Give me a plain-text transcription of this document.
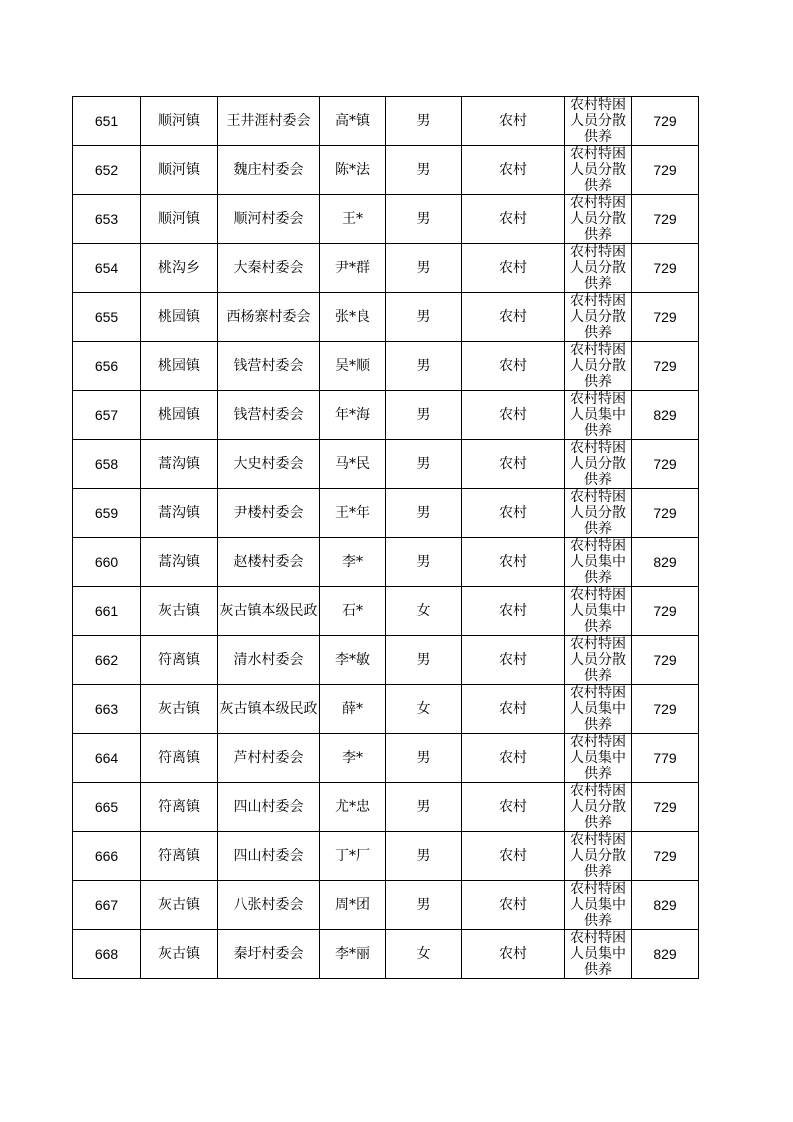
651	顺河镇	王井涯村委会	高*镇	男	农村	农村特困人员分散供养	729
652	顺河镇	魏庄村委会	陈*法	男	农村	农村特困人员分散供养	729
653	顺河镇	顺河村委会	王*	男	农村	农村特困人员分散供养	729
654	桃沟乡	大秦村委会	尹*群	男	农村	农村特困人员分散供养	729
655	桃园镇	西杨寨村委会	张*良	男	农村	农村特困人员分散供养	729
656	桃园镇	钱营村委会	吴*顺	男	农村	农村特困人员分散供养	729
657	桃园镇	钱营村委会	年*海	男	农村	农村特困人员集中供养	829
658	蒿沟镇	大史村委会	马*民	男	农村	农村特困人员分散供养	729
659	蒿沟镇	尹楼村委会	王*年	男	农村	农村特困人员分散供养	729
660	蒿沟镇	赵楼村委会	李*	男	农村	农村特困人员集中供养	829
661	灰古镇	灰古镇本级民政	石*	女	农村	农村特困人员集中供养	729
662	符离镇	清水村委会	李*敏	男	农村	农村特困人员分散供养	729
663	灰古镇	灰古镇本级民政	薛*	女	农村	农村特困人员集中供养	729
664	符离镇	芦村村委会	李*	男	农村	农村特困人员集中供养	779
665	符离镇	四山村委会	尤*忠	男	农村	农村特困人员分散供养	729
666	符离镇	四山村委会	丁*厂	男	农村	农村特困人员分散供养	729
667	灰古镇	八张村委会	周*团	男	农村	农村特困人员集中供养	829
668	灰古镇	秦圩村委会	李*丽	女	农村	农村特困人员集中供养	829
